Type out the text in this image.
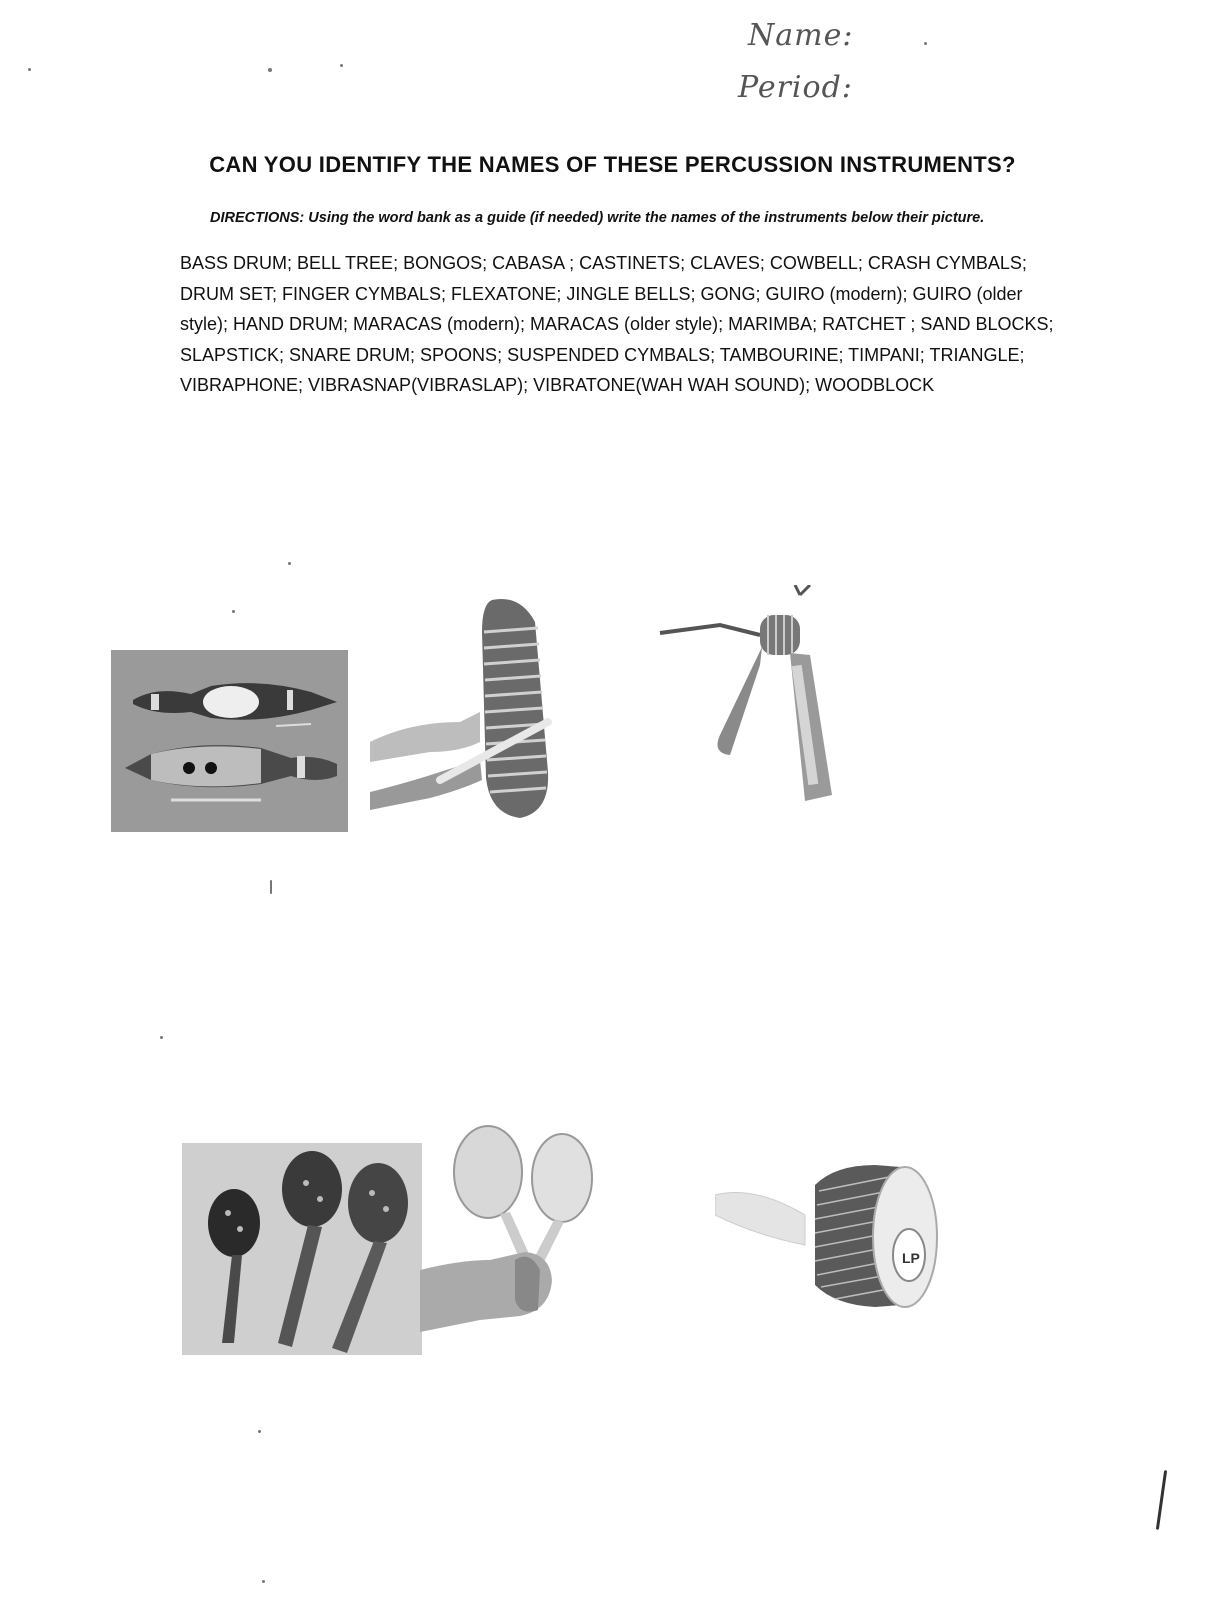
Name:
Period:
CAN YOU IDENTIFY THE NAMES OF THESE PERCUSSION INSTRUMENTS?
DIRECTIONS: Using the word bank as a guide (if needed) write the names of the instruments below their picture.
BASS DRUM; BELL TREE; BONGOS; CABASA ; CASTINETS; CLAVES; COWBELL; CRASH CYMBALS; DRUM SET; FINGER CYMBALS; FLEXATONE; JINGLE BELLS; GONG; GUIRO (modern); GUIRO (older style); HAND DRUM; MARACAS (modern); MARACAS (older style); MARIMBA; RATCHET ; SAND BLOCKS; SLAPSTICK; SNARE DRUM; SPOONS; SUSPENDED CYMBALS; TAMBOURINE; TIMPANI; TRIANGLE; VIBRAPHONE; VIBRASNAP(VIBRASLAP); VIBRATONE(WAH WAH SOUND); WOODBLOCK
LP
